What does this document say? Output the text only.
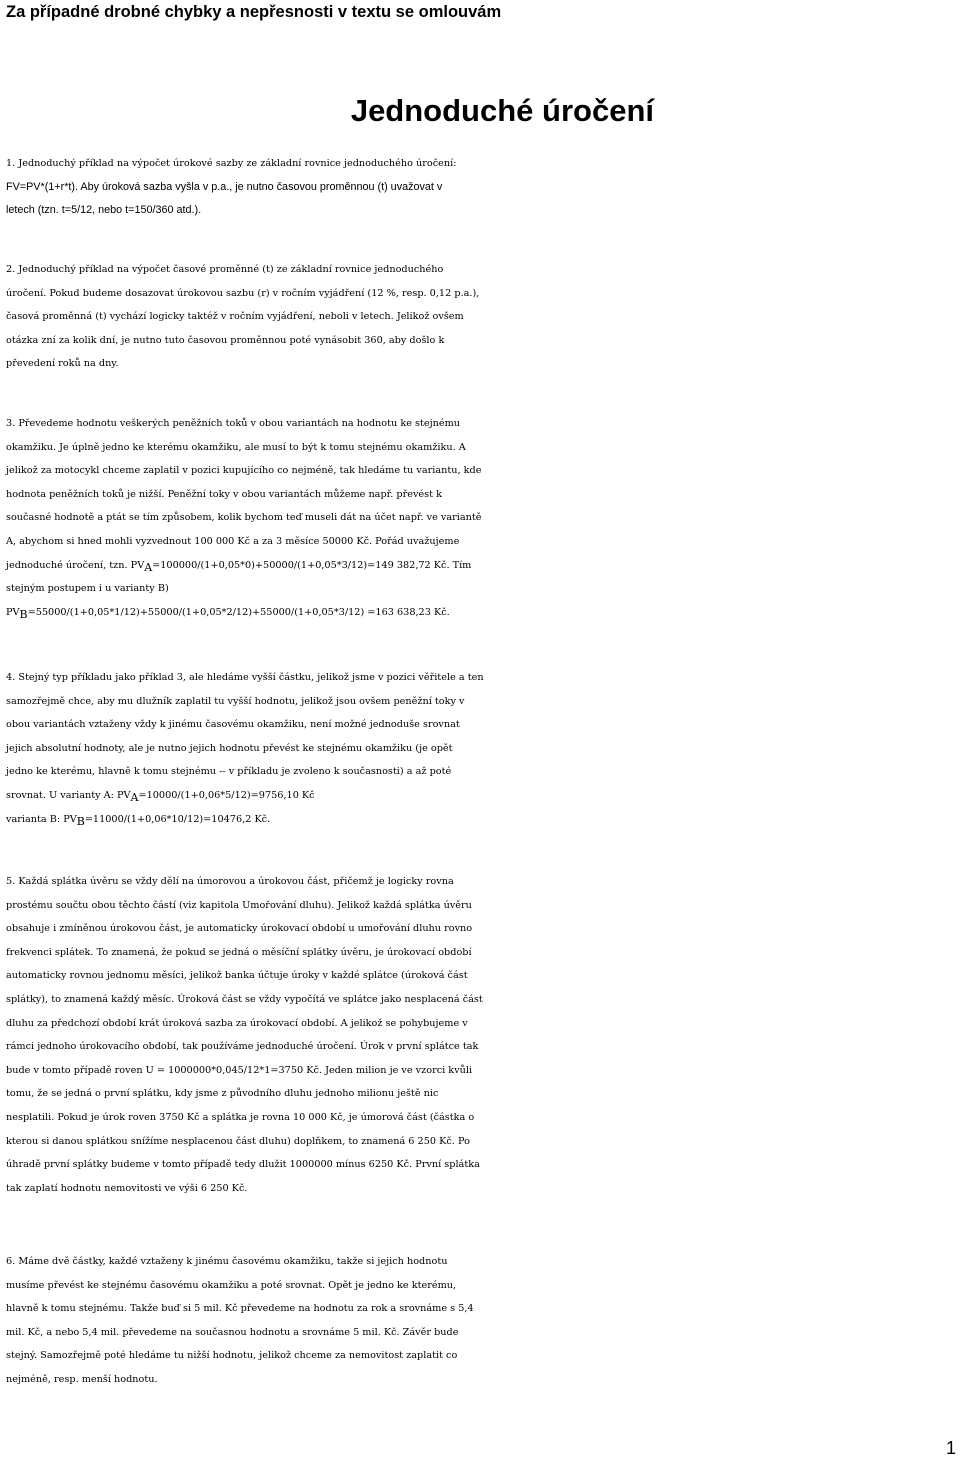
Za případné drobné chybky a nepřesnosti v textu se omlouvám
Jednoduché úročení
1. Jednoduchý příklad na výpočet úrokové sazby ze základní rovnice jednoduchého úročení:
FV=PV*(1+r*t). Aby úroková sazba vyšla v p.a., je nutno časovou proměnnou (t) uvažovat v
letech (tzn. t=5/12, nebo t=150/360 atd.).
2. Jednoduchý příklad na výpočet časové proměnné (t) ze základní rovnice jednoduchého
úročení. Pokud budeme dosazovat úrokovou sazbu (r) v ročním vyjádření (12 %, resp. 0,12 p.a.),
časová proměnná (t) vychází logicky taktéž v ročním vyjádření, neboli v letech. Jelikož ovšem
otázka zní za kolik dní, je nutno tuto časovou proměnnou poté vynásobit 360, aby došlo k
převedení roků na dny.
3. Převedeme hodnotu veškerých peněžních toků v obou variantách na hodnotu ke stejnému
okamžiku. Je úplně jedno ke kterému okamžiku, ale musí to být k tomu stejnému okamžiku. A
jelikož za motocykl chceme zaplatil v pozici kupujícího co nejméně, tak hledáme tu variantu, kde
hodnota peněžních toků je nižší. Peněžní toky v obou variantách můžeme např. převést k
současné hodnotě a ptát se tím způsobem, kolik bychom teď museli dát na účet např. ve variantě
A, abychom si hned mohli vyzvednout 100 000 Kč a za 3 měsíce 50000 Kč. Pořád uvažujeme
jednoduché úročení, tzn. $PV_A=100000/(1+0,05*0)+50000/(1+0,05*3/12)=149$ 382,72 Kč. Tím
stejným postupem i u varianty B)
$PV_B=55000/(1+0,05*1/12)+55000/(1+0,05*2/12)+55000/(1+0,05*3/12) =163$ 638,23 Kč.
4. Stejný typ příkladu jako příklad 3, ale hledáme vyšší částku, jelikož jsme v pozici věřitele a ten
samozřejmě chce, aby mu dlužník zaplatil tu vyšší hodnotu, jelikož jsou ovšem peněžní toky v
obou variantách vztaženy vždy k jinému časovému okamžiku, není možné jednoduše srovnat
jejich absolutní hodnoty, ale je nutno jejich hodnotu převést ke stejnému okamžiku (je opět
jedno ke kterému, hlavně k tomu stejnému -- v příkladu je zvoleno k současnosti) a až poté
srovnat. U varianty A: $PV_A=10000/(1+0,06*5/12)=9756,10$ Kč
varianta B: $PV_B=11000/(1+0,06*10/12)=10476,2$ Kč.
5. Každá splátka úvěru se vždy dělí na úmorovou a úrokovou část, přičemž je logicky rovna
prostému součtu obou těchto částí (viz kapitola Umořování dluhu). Jelikož každá splátka úvěru
obsahuje i zmíněnou úrokovou část, je automaticky úrokovací období u umořování dluhu rovno
frekvenci splátek. To znamená, že pokud se jedná o měsíční splátky úvěru, je úrokovací období
automaticky rovnou jednomu měsíci, jelikož banka účtuje úroky v každé splátce (úroková část
splátky), to znamená každý měsíc. Úroková část se vždy vypočítá ve splátce jako nesplacená část
dluhu za předchozí období krát úroková sazba za úrokovací období. A jelikož se pohybujeme v
rámci jednoho úrokovacího období, tak používáme jednoduché úročení. Úrok v první splátce tak
bude v tomto případě roven U = 1000000*0,045/12*1=3750 Kč. Jeden milion je ve vzorci kvůli
tomu, že se jedná o první splátku, kdy jsme z původního dluhu jednoho milionu ještě nic
nesplatili. Pokud je úrok roven 3750 Kč a splátka je rovna 10 000 Kč, je úmorová část (částka o
kterou si danou splátkou snížíme nesplacenou část dluhu) doplňkem, to znamená 6 250 Kč. Po
úhradě první splátky budeme v tomto případě tedy dlužit 1000000 mínus 6250 Kč. První splátka
tak zaplatí hodnotu nemovitosti ve výši 6 250 Kč.
6. Máme dvě částky, každé vztaženy k jinému časovému okamžiku, takže si jejich hodnotu
musíme převést ke stejnému časovému okamžiku a poté srovnat. Opět je jedno ke kterému,
hlavně k tomu stejnému. Takže buď si 5 mil. Kč převedeme na hodnotu za rok a srovnáme s 5,4
mil. Kč, a nebo 5,4 mil. převedeme na současnou hodnotu a srovnáme 5 mil. Kč. Závěr bude
stejný. Samozřejmě poté hledáme tu nižší hodnotu, jelikož chceme za nemovitost zaplatit co
nejméně, resp. menší hodnotu.
1
